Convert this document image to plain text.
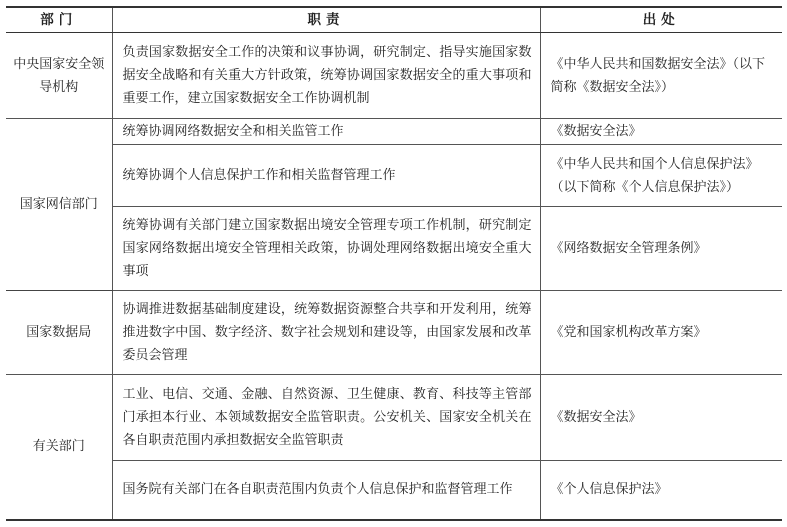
部门	职责	出处
中央国家安全领导机构	负责国家数据安全工作的决策和议事协调，研究制定、指导实施国家数据安全战略和有关重大方针政策，统筹协调国家数据安全的重大事项和重要工作，建立国家数据安全工作协调机制	《中华人民共和国数据安全法》（以下简称《数据安全法》）
国家网信部门	统筹协调网络数据安全和相关监管工作	《数据安全法》
	统筹协调个人信息保护工作和相关监督管理工作	《中华人民共和国个人信息保护法》（以下简称《个人信息保护法》）
	统筹协调有关部门建立国家数据出境安全管理专项工作机制，研究制定国家网络数据出境安全管理相关政策，协调处理网络数据出境安全重大事项	《网络数据安全管理条例》
国家数据局	协调推进数据基础制度建设，统筹数据资源整合共享和开发利用，统筹推进数字中国、数字经济、数字社会规划和建设等，由国家发展和改革委员会管理	《党和国家机构改革方案》
有关部门	工业、电信、交通、金融、自然资源、卫生健康、教育、科技等主管部门承担本行业、本领域数据安全监管职责。公安机关、国家安全机关在各自职责范围内承担数据安全监管职责	《数据安全法》
	国务院有关部门在各自职责范围内负责个人信息保护和监督管理工作	《个人信息保护法》
